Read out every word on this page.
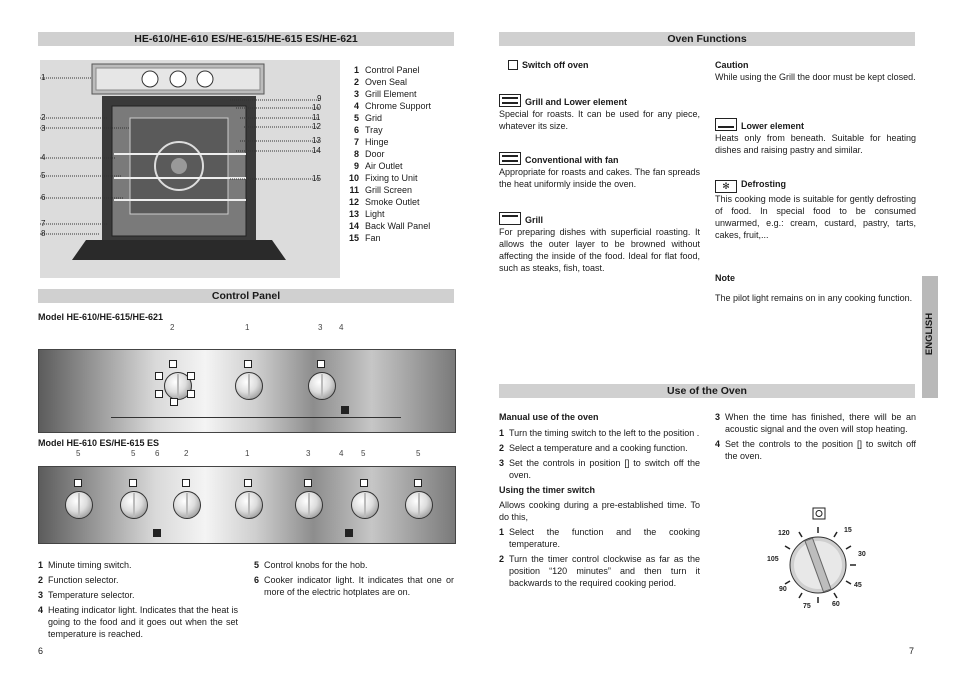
HE-610/HE-610 ES/HE-615/HE-615 ES/HE-621
1
2
3
4
5
6
7
8
9
10
11
12
13
14
15
1 Control Panel
2 Oven Seal
3 Grill Element
4 Chrome Support
5 Grid
6 Tray
7 Hinge
8 Door
9 Air Outlet
10 Fixing to Unit
11 Grill Screen
12 Smoke Outlet
13 Light
14 Back Wall Panel
15 Fan
Control Panel
Model HE-610/HE-615/HE-621
2	1	3 4
Model HE-610 ES/HE-615 ES
5	5 6	2	1	3	4 5	5
1 Minute timing switch.
2 Function selector.
3 Temperature selector.
4 Heating indicator light. Indicates that the heat is going to the food and it goes out when the set temperature is reached.
5 Control knobs for the hob.
6 Cooker indicator light. It indicates that one or more of the electric hotplates are on.
6
Oven Functions
Switch off oven
Grill and Lower element
Special for roasts. It can be used for any piece, whatever its size.
Conventional with fan
Appropriate for roasts and cakes. The fan spreads the heat uniformly inside the oven.
Grill
For preparing dishes with superficial roasting. It allows the outer layer to be browned without affecting the inside of the food. Ideal for flat food, such as steaks, fish, toast.
Caution
While using the Grill the door must be kept closed.
Lower element
Heats only from beneath. Suitable for heating dishes and raising pastry and similar.
✻ Defrosting
This cooking mode is suitable for gently defrosting of food. In special food to be consumed unwarmed, e.g.: cream, custard, pastry, tarts, cakes, fruit,...
Note
The pilot light remains on in any cooking function.
ENGLISH
Use of the Oven
Manual use of the oven
1 Turn the timing switch to the left to the position .
2 Select a temperature and a cooking function.
3 Set the controls in position [] to switch off the oven.
Using the timer switch
Allows cooking during a pre-established time. To do this,
1 Select the function and the cooking temperature.
2 Turn the timer control clockwise as far as the position “120 minutes” and then turn it backwards to the required cooking period.
3 When the time has finished, there will be an acoustic signal and the oven will stop heating.
4 Set the controls to the position [] to switch off the oven.
120	15
30
105
90
45
75	60
7
